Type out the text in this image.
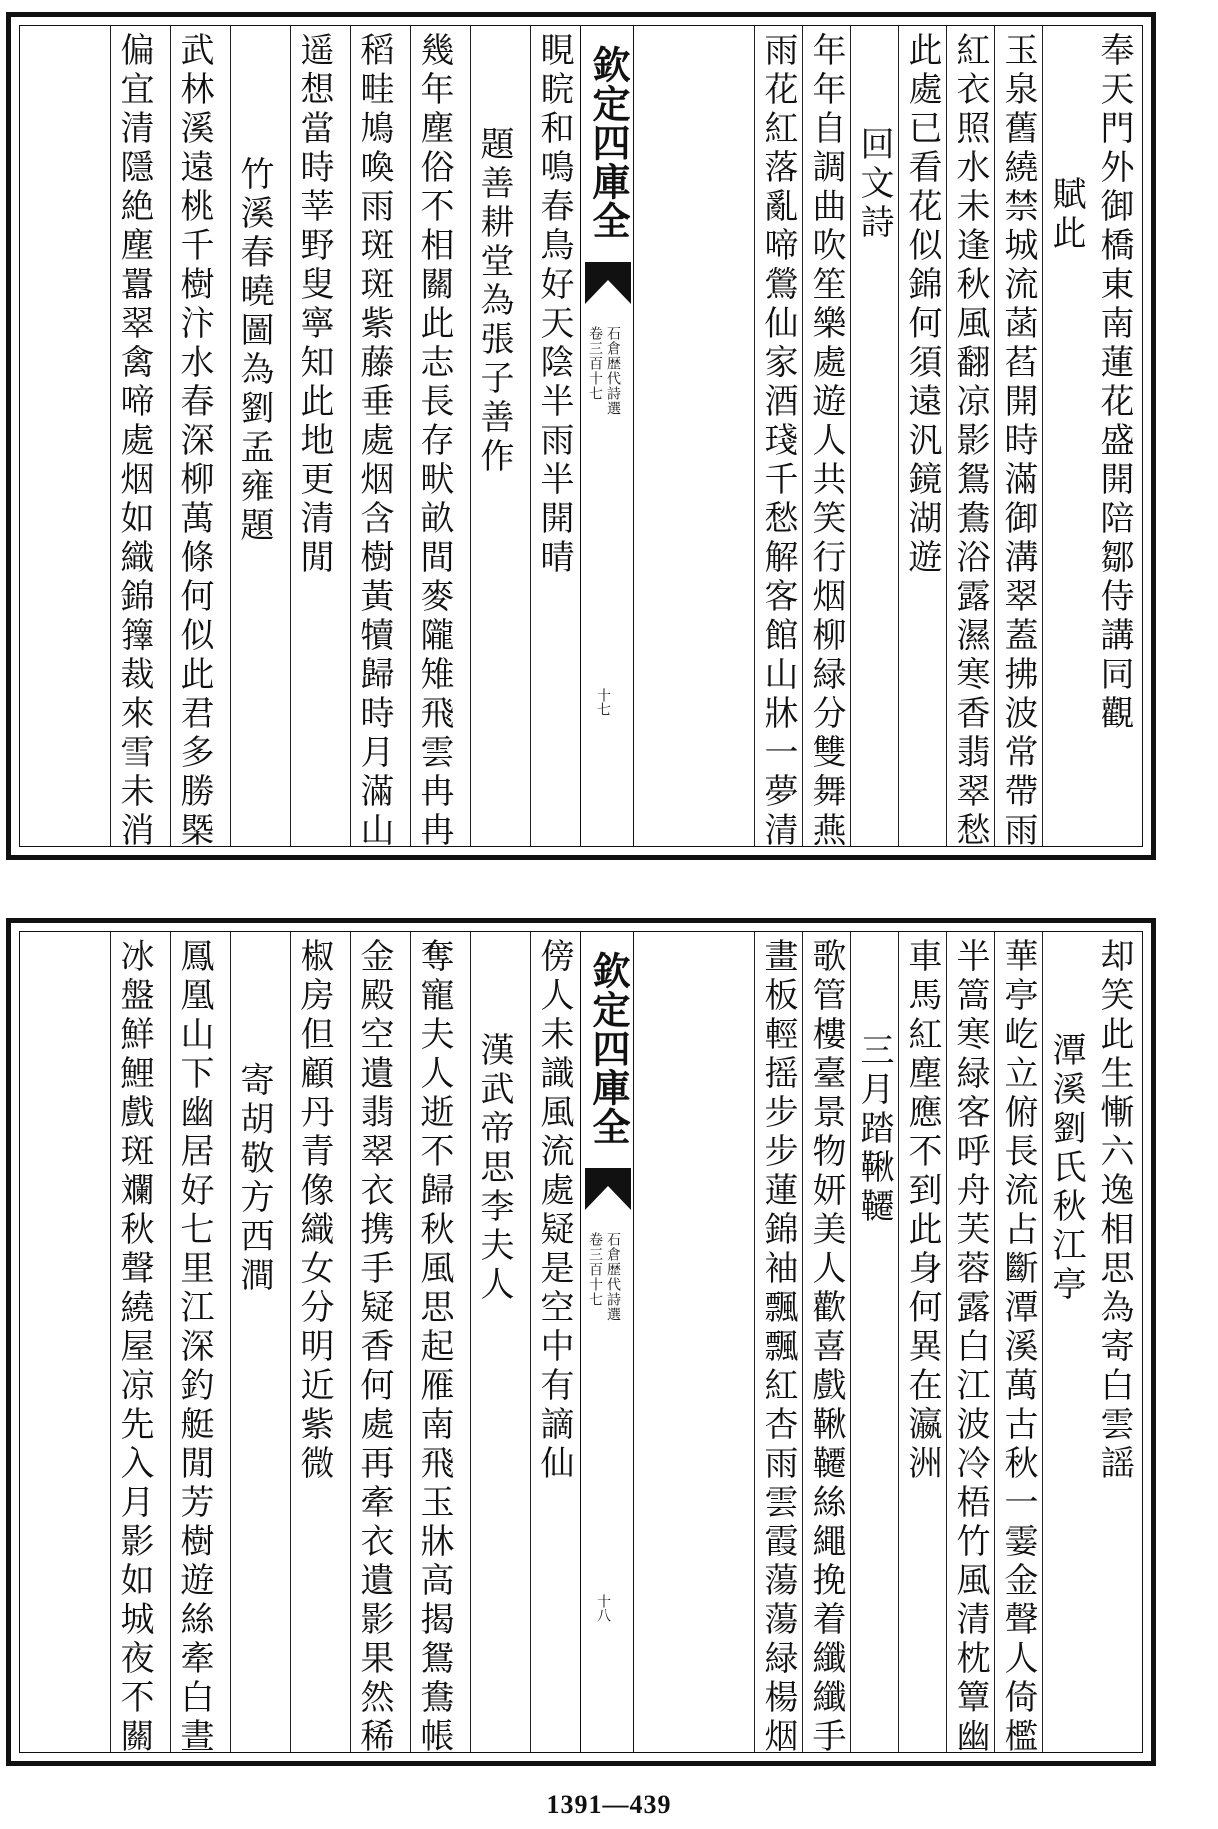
奉天門外御橋東南蓮花盛開陪鄒侍講同觀
賦此
玉泉舊繞禁城流菡萏開時滿御溝翠蓋拂波常帶雨
紅衣照水未逢秋風翻凉影鴛鴦浴露濕寒香翡翠愁
此處已看花似錦何須遠汎鏡湖遊
回文詩
年年自調曲吹笙樂處遊人共笑行烟柳緑分雙舞燕
雨花紅落亂啼鶯仙家酒琖千愁解客館山牀一夢清
欽定四庫全
石倉歴代詩選
卷三百十七
十七
睍睆和鳴春鳥好天陰半雨半開晴
題善耕堂為張子善作
幾年塵俗不相關此志長存畎畝間麥隴雉飛雲冉冉
稻畦鳩喚雨斑斑紫藤垂處烟含樹黃犢歸時月滿山
遥想當時莘野叟寧知此地更清閒
竹溪春曉圖為劉孟雍題
武林溪遠桃千樹汴水春深柳萬條何似此君多勝槩
偏宜清隱絶塵囂翠禽啼處烟如織錦籜裁來雪未消
却笑此生慚六逸相思為寄白雲謡
潭溪劉氏秋江亭
華亭屹立俯長流占斷潭溪萬古秋一霎金聲人倚檻
半篙寒緑客呼舟芙蓉露白江波冷梧竹風清枕簟幽
車馬紅塵應不到此身何異在瀛洲
三月踏鞦韆
歌管樓臺景物妍美人歡喜戲鞦韆絲繩挽着纖纖手
畫板輕摇步步蓮錦袖飄飄紅杏雨雲霞蕩蕩緑楊烟
欽定四庫全
石倉歴代詩選
卷三百十七
十八
傍人未識風流處疑是空中有謫仙
漢武帝思李夫人
奪寵夫人逝不歸秋風思起雁南飛玉牀高揭鴛鴦帳
金殿空遺翡翠衣携手疑香何處再牽衣遺影果然稀
椒房但顧丹青像織女分明近紫微
寄胡敬方西澗
鳳凰山下幽居好七里江深釣艇閒芳樹遊絲牽白晝
冰盤鮮鯉戲斑斕秋聲繞屋凉先入月影如城夜不關
1391—439
